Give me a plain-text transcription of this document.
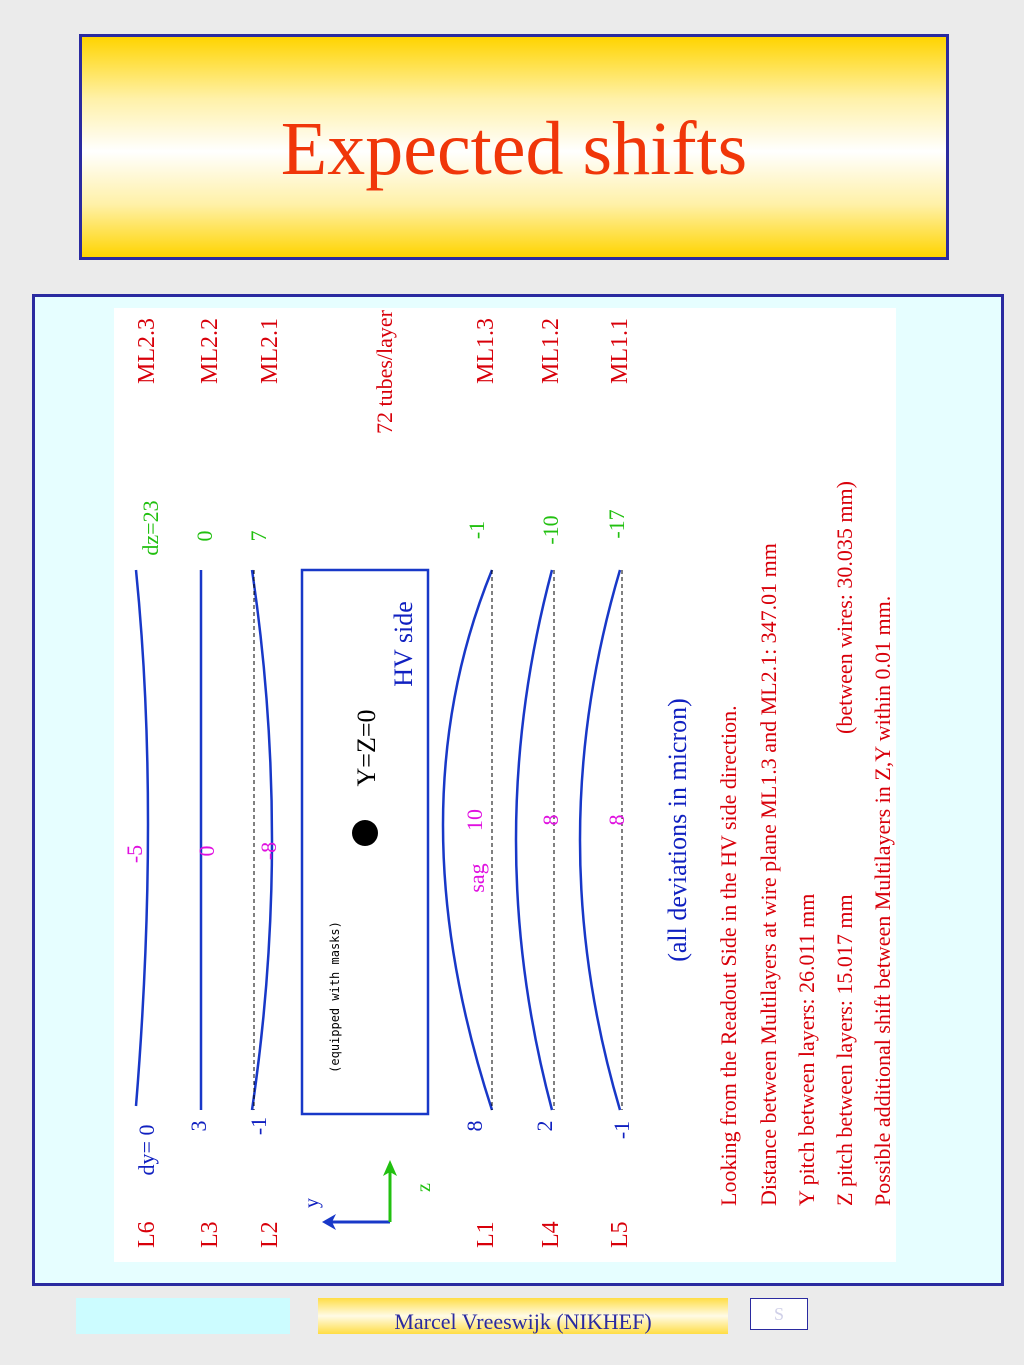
Expected shifts
HV side
Y=Z=0
(equipped with masks)
L6 L3 L2	L1 L4 L5
ML2.3 ML2.2 ML2.1	ML1.3 ML1.2 ML1.1
72 tubes/layer
dy= 0 3 -1	8 2 -1
-5 0 -8
10 8 8
sag
dz=23 0 7	-1 -10 -17
y
z
(all deviations in micron) Looking from the Readout Side in the HV side direction. Distance between Multilayers at wire plane ML1.3 and ML2.1: 347.01 mm Y pitch between layers: 26.011 mm Z pitch between layers: 15.017 mm
(between wires: 30.035 mm) Possible additional shift between Multilayers in Z,Y within 0.01 mm.
Marcel Vreeswijk (NIKHEF)	S
